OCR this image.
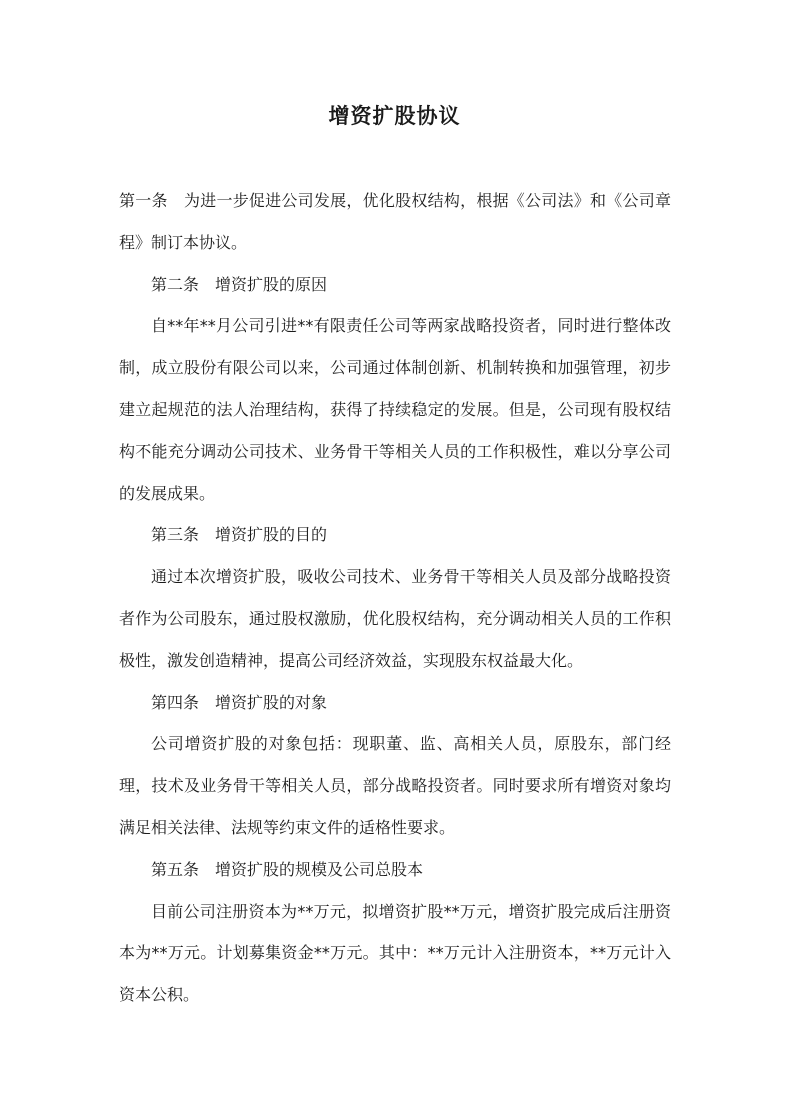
增资扩股协议

第一条　为进一步促进公司发展，优化股权结构，根据《公司法》和《公司章程》制订本协议。

第二条　增资扩股的原因

自**年**月公司引进**有限责任公司等两家战略投资者，同时进行整体改制，成立股份有限公司以来，公司通过体制创新、机制转换和加强管理，初步建立起规范的法人治理结构，获得了持续稳定的发展。但是，公司现有股权结构不能充分调动公司技术、业务骨干等相关人员的工作积极性，难以分享公司的发展成果。

第三条　增资扩股的目的

通过本次增资扩股，吸收公司技术、业务骨干等相关人员及部分战略投资者作为公司股东，通过股权激励，优化股权结构，充分调动相关人员的工作积极性，激发创造精神，提高公司经济效益，实现股东权益最大化。

第四条　增资扩股的对象

公司增资扩股的对象包括：现职董、监、高相关人员，原股东，部门经理，技术及业务骨干等相关人员，部分战略投资者。同时要求所有增资对象均满足相关法律、法规等约束文件的适格性要求。

第五条　增资扩股的规模及公司总股本

目前公司注册资本为**万元，拟增资扩股**万元，增资扩股完成后注册资本为**万元。计划募集资金**万元。其中：**万元计入注册资本，**万元计入资本公积。
